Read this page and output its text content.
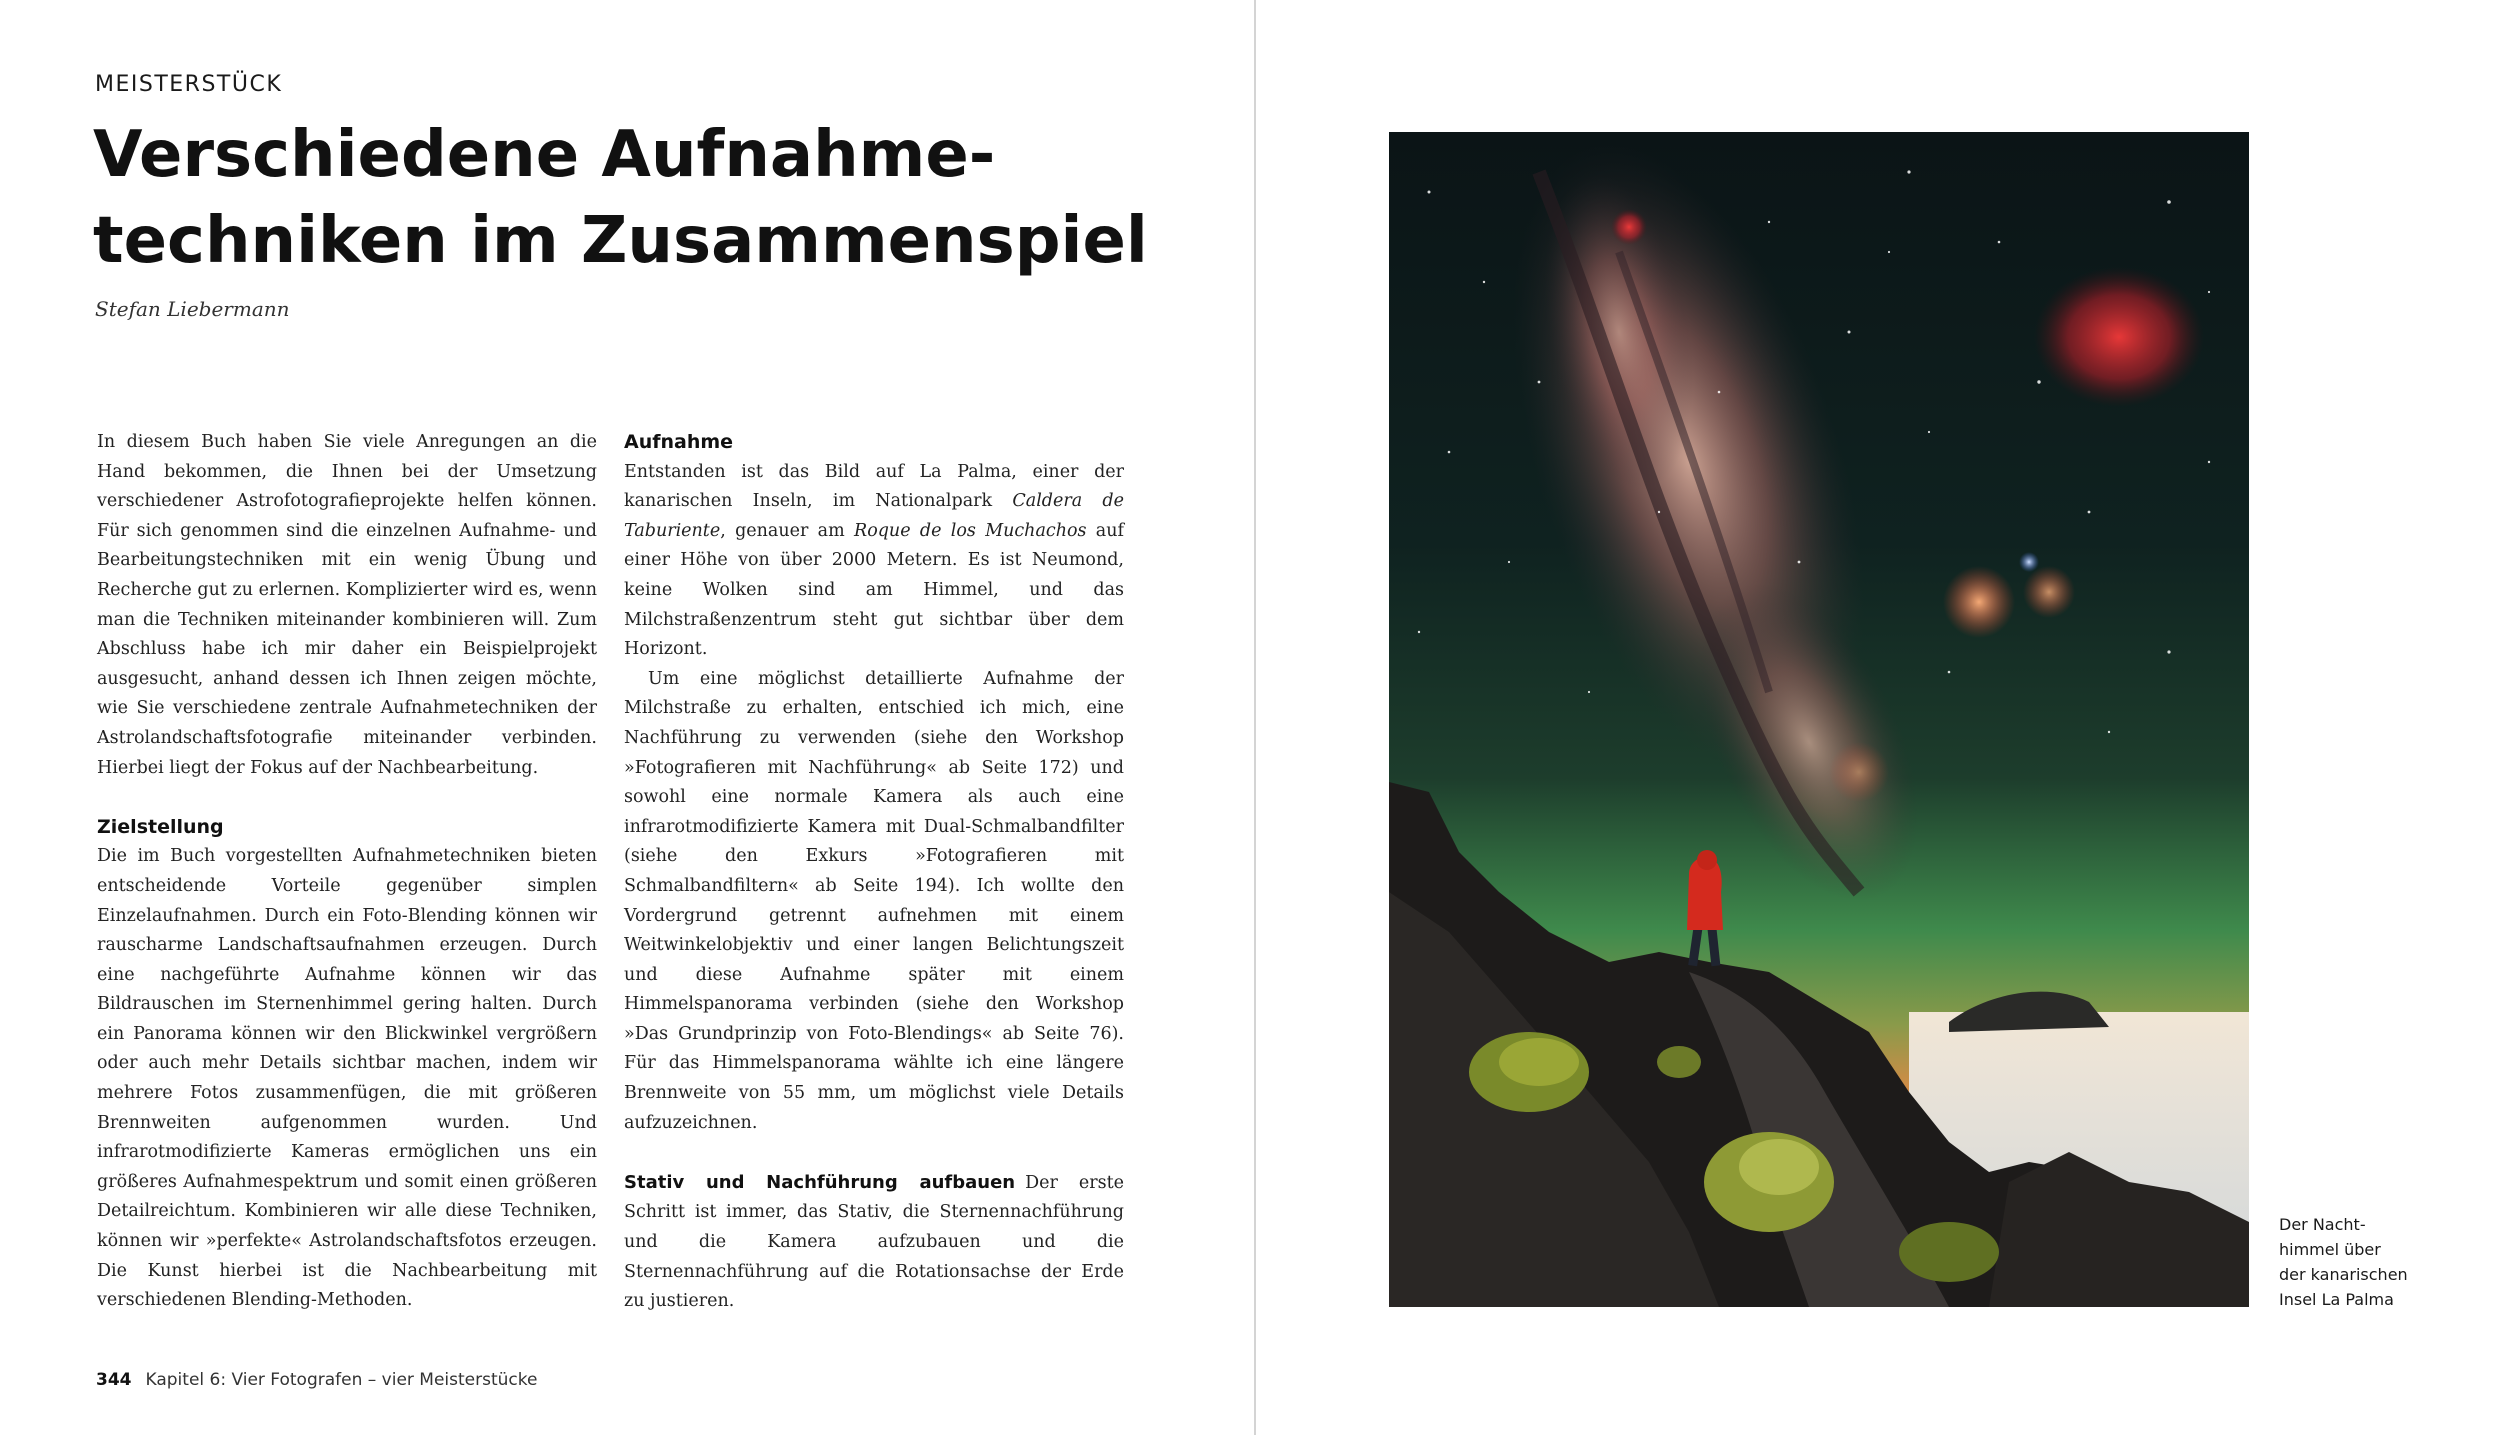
MEISTERSTÜCK
Verschiedene Aufnahme-
techniken im Zusammenspiel
Stefan Liebermann

In diesem Buch haben Sie viele Anregungen an die Hand bekommen, die Ihnen bei der Umsetzung verschiedener Astrofotografieprojekte helfen können. Für sich genommen sind die einzelnen Aufnahme- und Bearbeitungstechniken mit ein wenig Übung und Recherche gut zu erlernen. Komplizierter wird es, wenn man die Techniken miteinander kombinieren will. Zum Abschluss habe ich mir daher ein Beispielprojekt ausgesucht, anhand dessen ich Ihnen zeigen möchte, wie Sie verschiedene zentrale Aufnahmetechniken der Astrolandschaftsfotografie miteinander verbinden. Hierbei liegt der Fokus auf der Nachbearbeitung.

Zielstellung

Die im Buch vorgestellten Aufnahmetechniken bieten entscheidende Vorteile gegenüber simplen Einzelaufnahmen. Durch ein Foto-Blending können wir rauscharme Landschaftsaufnahmen erzeugen. Durch eine nachgeführte Aufnahme können wir das Bildrauschen im Sternenhimmel gering halten. Durch ein Panorama können wir den Blickwinkel vergrößern oder auch mehr Details sichtbar machen, indem wir mehrere Fotos zusammenfügen, die mit größeren Brennweiten aufgenommen wurden. Und infrarotmodifizierte Kameras ermöglichen uns ein größeres Aufnahmespektrum und somit einen größeren Detailreichtum. Kombinieren wir alle diese Techniken, können wir »perfekte« Astrolandschaftsfotos erzeugen. Die Kunst hierbei ist die Nachbearbeitung mit verschiedenen Blending-Methoden.

Aufnahme

Entstanden ist das Bild auf La Palma, einer der kanarischen Inseln, im Nationalpark Caldera de Taburiente, genauer am Roque de los Muchachos auf einer Höhe von über 2000 Metern. Es ist Neumond, keine Wolken sind am Himmel, und das Milchstraßenzentrum steht gut sichtbar über dem Horizont.

Um eine möglichst detaillierte Aufnahme der Milchstraße zu erhalten, entschied ich mich, eine Nachführung zu verwenden (siehe den Workshop »Fotografieren mit Nachführung« ab Seite 172) und sowohl eine normale Kamera als auch eine infrarotmodifizierte Kamera mit Dual-Schmalbandfilter (siehe den Exkurs »Fotografieren mit Schmalbandfiltern« ab Seite 194). Ich wollte den Vordergrund getrennt aufnehmen mit einem Weitwinkelobjektiv und einer langen Belichtungszeit und diese Aufnahme später mit einem Himmelspanorama verbinden (siehe den Workshop »Das Grundprinzip von Foto-Blendings« ab Seite 76). Für das Himmelspanorama wählte ich eine längere Brennweite von 55 mm, um möglichst viele Details aufzuzeichnen.

Stativ und Nachführung aufbauen Der erste Schritt ist immer, das Stativ, die Sternennachführung und die Kamera aufzubauen und die Sternennachführung auf die Rotationsachse der Erde zu justieren.

344 Kapitel 6: Vier Fotografen – vier Meisterstücke
Der Nacht-
himmel über
der kanarischen
Insel La Palma
